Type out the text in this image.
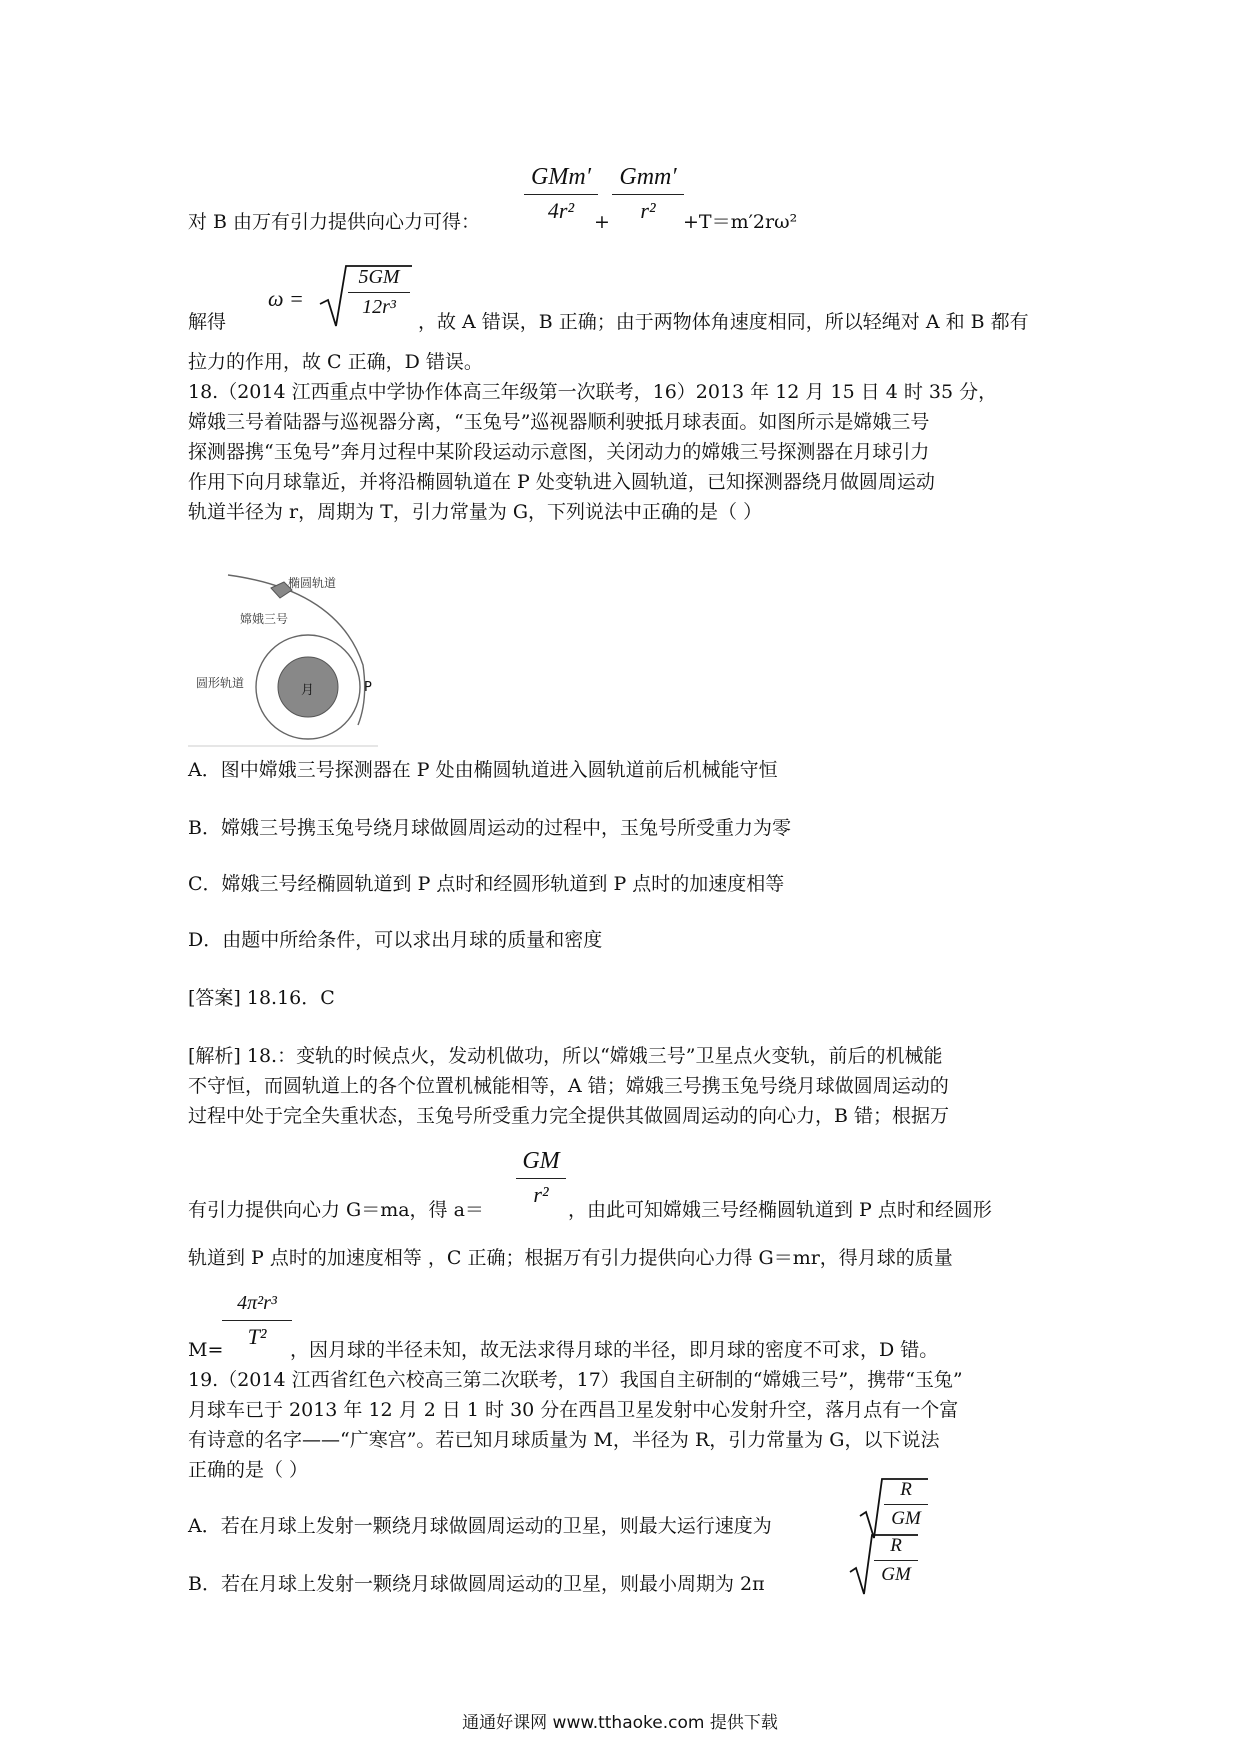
GMm′
4r²	+
Gmm′
r²
对 B 由万有引力提供向心力可得：	+T＝m′2rω²
解得
ω =
5GM
12r³
，故 A 错误，B 正确；由于两物体角速度相同，所以轻绳对 A 和 B 都有
拉力的作用，故 C 正确，D 错误。
18.（2014 江西重点中学协作体高三年级第一次联考，16）2013 年 12 月 15 日 4 时 35 分，
嫦娥三号着陆器与巡视器分离，“玉兔号”巡视器顺利驶抵月球表面。如图所示是嫦娥三号
探测器携“玉兔号”奔月过程中某阶段运动示意图，关闭动力的嫦娥三号探测器在月球引力
作用下向月球靠近，并将沿椭圆轨道在 P 处变轨进入圆轨道，已知探测器绕月做圆周运动
轨道半径为 r，周期为 T，引力常量为 G，下列说法中正确的是（ ）
椭圆轨道
嫦娥三号
圆形轨道	月	P
A．图中嫦娥三号探测器在 P 处由椭圆轨道进入圆轨道前后机械能守恒
B．嫦娥三号携玉兔号绕月球做圆周运动的过程中，玉兔号所受重力为零
C．嫦娥三号经椭圆轨道到 P 点时和经圆形轨道到 P 点时的加速度相等
D．由题中所给条件，可以求出月球的质量和密度
[答案] 18.16．C
[解析] 18.：变轨的时候点火，发动机做功，所以“嫦娥三号”卫星点火变轨，前后的机械能
不守恒，而圆轨道上的各个位置机械能相等，A 错；嫦娥三号携玉兔号绕月球做圆周运动的
过程中处于完全失重状态，玉兔号所受重力完全提供其做圆周运动的向心力，B 错；根据万
GM
r²
有引力提供向心力 G＝ma，得 a＝	，由此可知嫦娥三号经椭圆轨道到 P 点时和经圆形
轨道到 P 点时的加速度相等 ，C 正确；根据万有引力提供向心力得 G＝mr，得月球的质量
4π²r³
T²
M=	，因月球的半径未知，故无法求得月球的半径，即月球的密度不可求，D 错。
19.（2014 江西省红色六校高三第二次联考，17）我国自主研制的“嫦娥三号”，携带“玉兔”
月球车已于 2013 年 12 月 2 日 1 时 30 分在西昌卫星发射中心发射升空，落月点有一个富
有诗意的名字——“广寒宫”。若已知月球质量为 M，半径为 R，引力常量为 G，以下说法
正确的是（ ）
A．若在月球上发射一颗绕月球做圆周运动的卫星，则最大运行速度为
R
GM
B．若在月球上发射一颗绕月球做圆周运动的卫星，则最小周期为 2π
R
GM
通通好课网 www.tthaoke.com 提供下载
